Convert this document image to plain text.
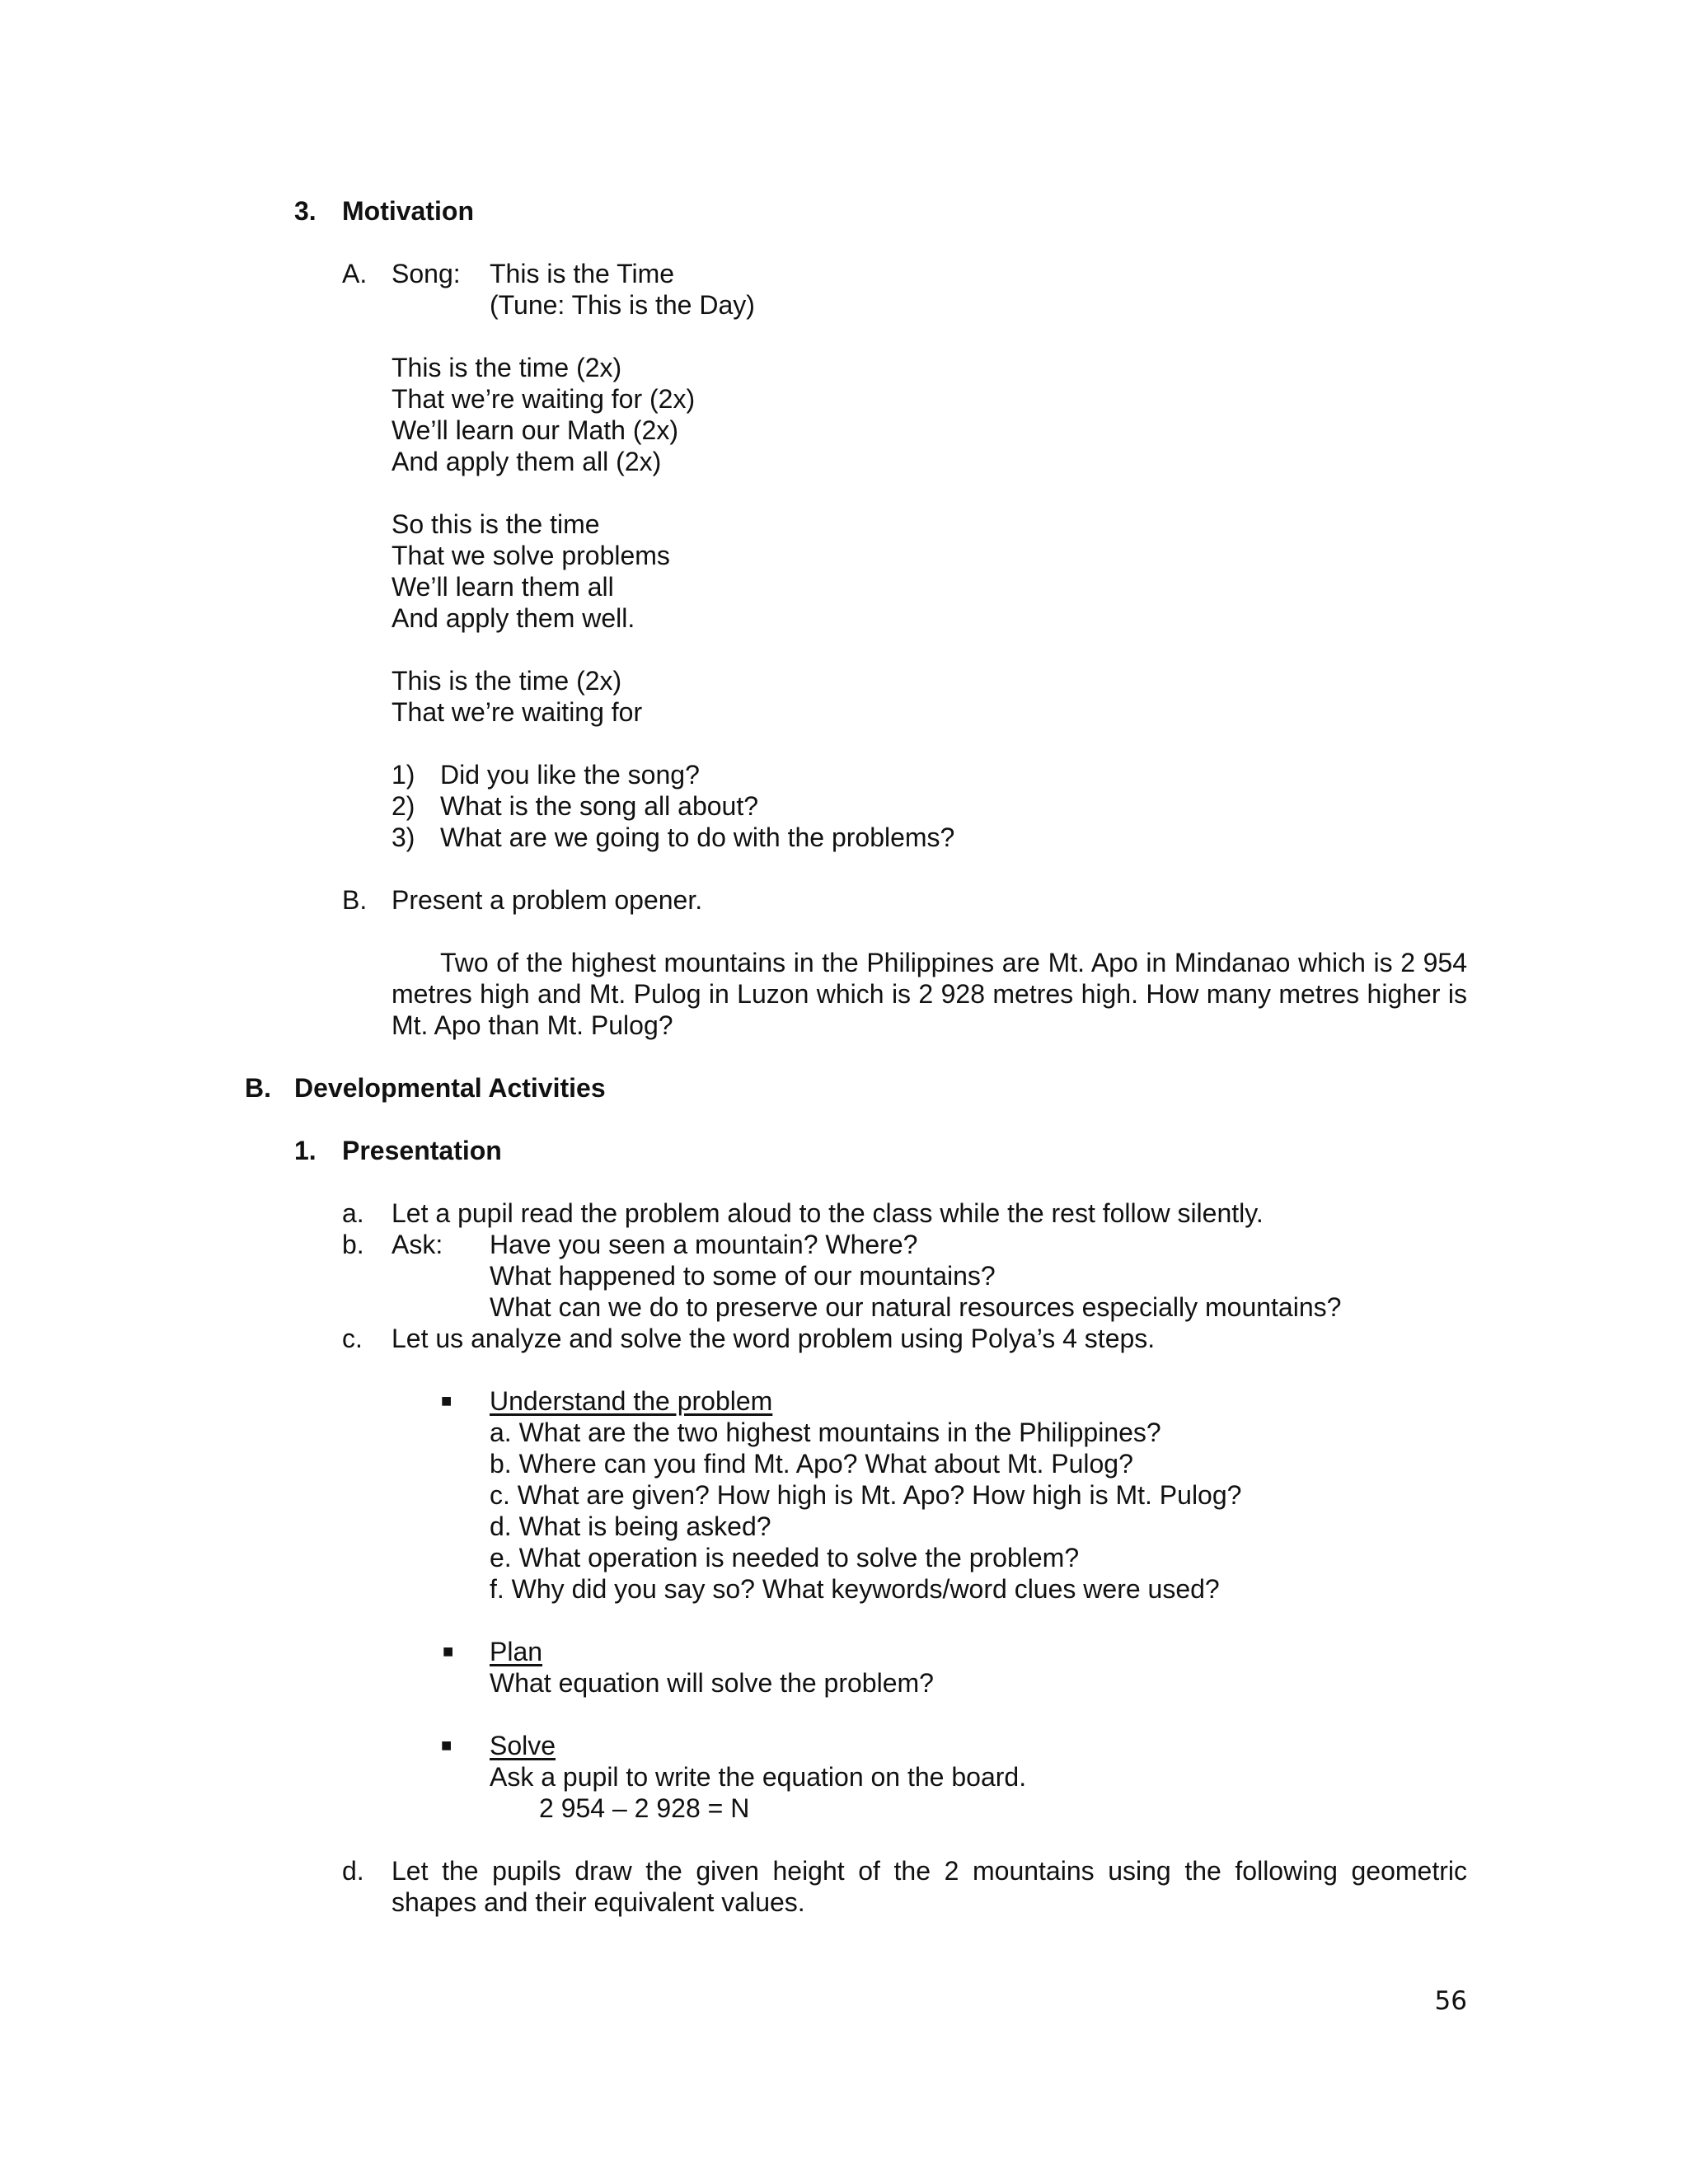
3. Motivation
A. Song: This is the Time
(Tune: This is the Day)
This is the time (2x)
That we’re waiting for (2x)
We’ll learn our Math (2x)
And apply them all (2x)
So this is the time
That we solve problems
We’ll learn them all
And apply them well.
This is the time (2x)
That we’re waiting for
1) Did you like the song?
2) What is the song all about?
3) What are we going to do with the problems?
B. Present a problem opener.
Two of the highest mountains in the Philippines are Mt. Apo in Mindanao which is 2 954 metres high and Mt. Pulog in Luzon which is 2 928 metres high. How many metres higher is Mt. Apo than Mt. Pulog?
B. Developmental Activities
1. Presentation
a. Let a pupil read the problem aloud to the class while the rest follow silently.
b. Ask: Have you seen a mountain? Where?
What happened to some of our mountains?
What can we do to preserve our natural resources especially mountains?
c. Let us analyze and solve the word problem using Polya’s 4 steps.
■ Understand the problem
a. What are the two highest mountains in the Philippines?
b. Where can you find Mt. Apo? What about Mt. Pulog?
c. What are given? How high is Mt. Apo? How high is Mt. Pulog?
d. What is being asked?
e. What operation is needed to solve the problem?
f. Why did you say so? What keywords/word clues were used?
■ Plan
What equation will solve the problem?
■ Solve
Ask a pupil to write the equation on the board.
2 954 – 2 928 = N
d. Let the pupils draw the given height of the 2 mountains using the following geometric shapes and their equivalent values.
56
